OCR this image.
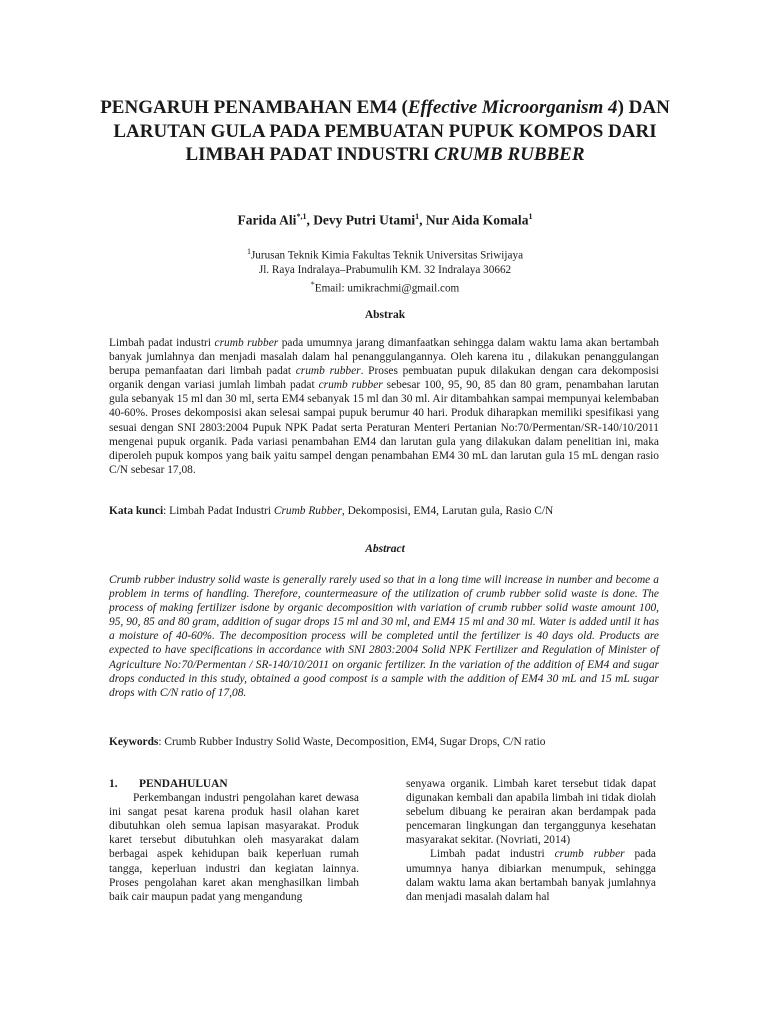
PENGARUH PENAMBAHAN EM4 (Effective Microorganism 4) DAN LARUTAN GULA PADA PEMBUATAN PUPUK KOMPOS DARI LIMBAH PADAT INDUSTRI CRUMB RUBBER
Farida Ali$^{*,1}$, Devy Putri Utami$^1$, Nur Aida Komala$^1$
$^1$Jurusan Teknik Kimia Fakultas Teknik Universitas Sriwijaya
Jl. Raya Indralaya–Prabumulih KM. 32 Indralaya 30662
*Email: umikrachmi@gmail.com
Abstrak
Limbah padat industri crumb rubber pada umumnya jarang dimanfaatkan sehingga dalam waktu lama akan bertambah banyak jumlahnya dan menjadi masalah dalam hal penanggulangannya. Oleh karena itu , dilakukan penanggulangan berupa pemanfaatan dari limbah padat crumb rubber. Proses pembuatan pupuk dilakukan dengan cara dekomposisi organik dengan variasi jumlah limbah padat crumb rubber sebesar 100, 95, 90, 85 dan 80 gram, penambahan larutan gula sebanyak 15 ml dan 30 ml, serta EM4 sebanyak 15 ml dan 30 ml. Air ditambahkan sampai mempunyai kelembaban 40-60%. Proses dekomposisi akan selesai sampai pupuk berumur 40 hari. Produk diharapkan memiliki spesifikasi yang sesuai dengan SNI 2803:2004 Pupuk NPK Padat serta Peraturan Menteri Pertanian No:70/Permentan/SR-140/10/2011 mengenai pupuk organik. Pada variasi penambahan EM4 dan larutan gula yang dilakukan dalam penelitian ini, maka diperoleh pupuk kompos yang baik yaitu sampel dengan penambahan EM4 30 mL dan larutan gula 15 mL dengan rasio C/N sebesar 17,08.
Kata kunci: Limbah Padat Industri Crumb Rubber, Dekomposisi, EM4, Larutan gula, Rasio C/N
Abstract
Crumb rubber industry solid waste is generally rarely used so that in a long time will increase in number and become a problem in terms of handling. Therefore, countermeasure of the utilization of crumb rubber solid waste is done. The process of making fertilizer isdone by organic decomposition with variation of crumb rubber solid waste amount 100, 95, 90, 85 and 80 gram, addition of sugar drops 15 ml and 30 ml, and EM4 15 ml and 30 ml. Water is added until it has a moisture of 40-60%. The decomposition process will be completed until the fertilizer is 40 days old. Products are expected to have specifications in accordance with SNI 2803:2004 Solid NPK Fertilizer and Regulation of Minister of Agriculture No:70/Permentan / SR-140/10/2011 on organic fertilizer. In the variation of the addition of EM4 and sugar drops conducted in this study, obtained a good compost is a sample with the addition of EM4 30 mL and 15 mL sugar drops with C/N ratio of 17,08.
Keywords: Crumb Rubber Industry Solid Waste, Decomposition, EM4, Sugar Drops, C/N ratio

1. PENDAHULUAN

Perkembangan industri pengolahan karet dewasa ini sangat pesat karena produk hasil olahan karet dibutuhkan oleh semua lapisan masyarakat. Produk karet tersebut dibutuhkan oleh masyarakat dalam berbagai aspek kehidupan baik keperluan rumah tangga, keperluan industri dan kegiatan lainnya. Proses pengolahan karet akan menghasilkan limbah baik cair maupun padat yang mengandung

senyawa organik. Limbah karet tersebut tidak dapat digunakan kembali dan apabila limbah ini tidak diolah sebelum dibuang ke perairan akan berdampak pada pencemaran lingkungan dan terganggunya kesehatan masyarakat sekitar. (Novriati, 2014)

Limbah padat industri crumb rubber pada umumnya hanya dibiarkan menumpuk, sehingga dalam waktu lama akan bertambah banyak jumlahnya dan menjadi masalah dalam hal
